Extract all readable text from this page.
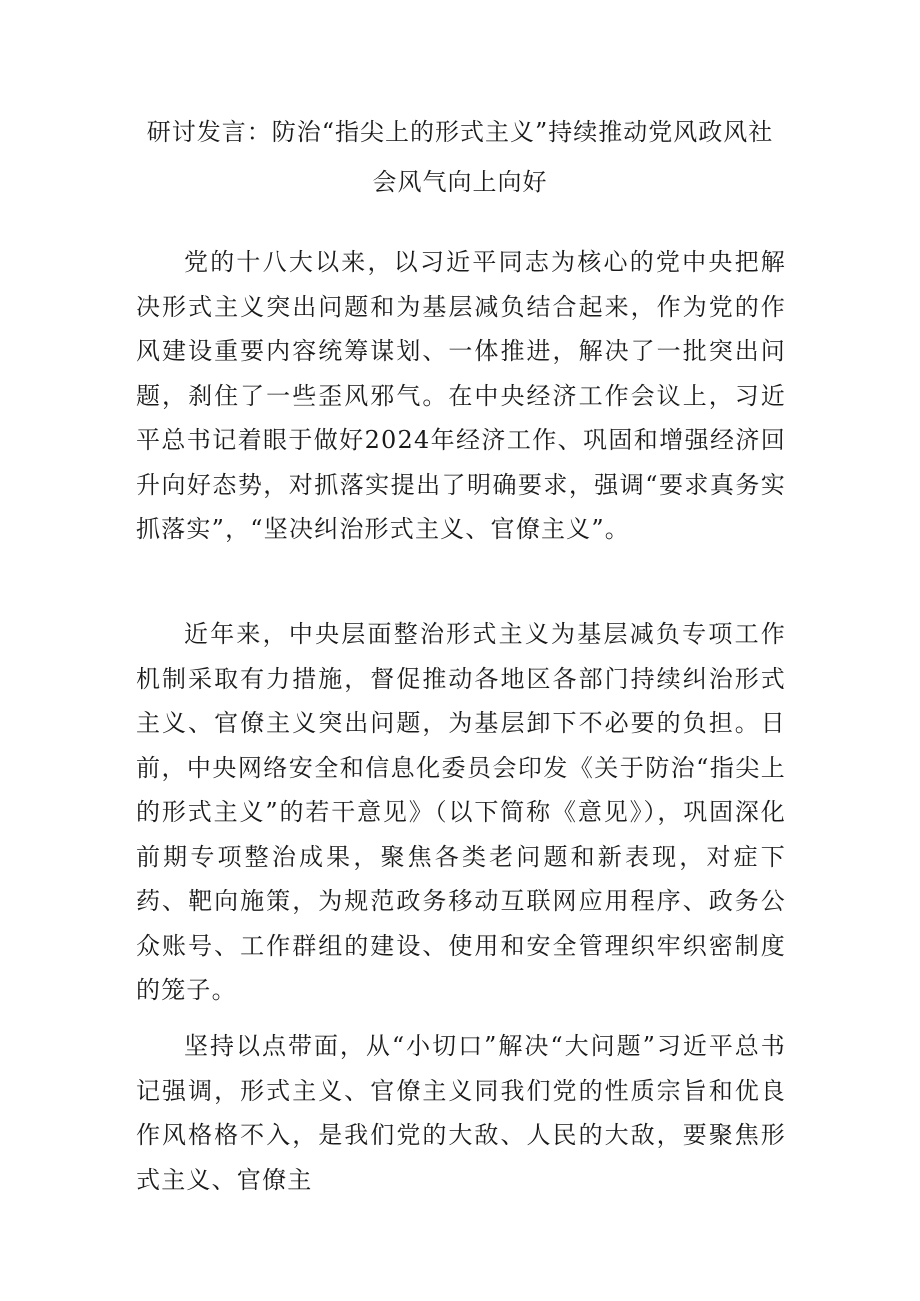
研讨发言：防治“指尖上的形式主义”持续推动党风政风社
会风气向上向好

党的十八大以来，以习近平同志为核心的党中央把解决形式主义突出问题和为基层减负结合起来，作为党的作风建设重要内容统筹谋划、一体推进，解决了一批突出问题，刹住了一些歪风邪气。在中央经济工作会议上，习近平总书记着眼于做好2024年经济工作、巩固和增强经济回升向好态势，对抓落实提出了明确要求，强调“要求真务实抓落实”，“坚决纠治形式主义、官僚主义”。

近年来，中央层面整治形式主义为基层减负专项工作机制采取有力措施，督促推动各地区各部门持续纠治形式主义、官僚主义突出问题，为基层卸下不必要的负担。日前，中央网络安全和信息化委员会印发《关于防治“指尖上的形式主义”的若干意见》（以下简称《意见》），巩固深化前期专项整治成果，聚焦各类老问题和新表现，对症下药、靶向施策，为规范政务移动互联网应用程序、政务公众账号、工作群组的建设、使用和安全管理织牢织密制度的笼子。

坚持以点带面，从“小切口”解决“大问题”习近平总书记强调，形式主义、官僚主义同我们党的性质宗旨和优良作风格格不入，是我们党的大敌、人民的大敌，要聚焦形式主义、官僚主
